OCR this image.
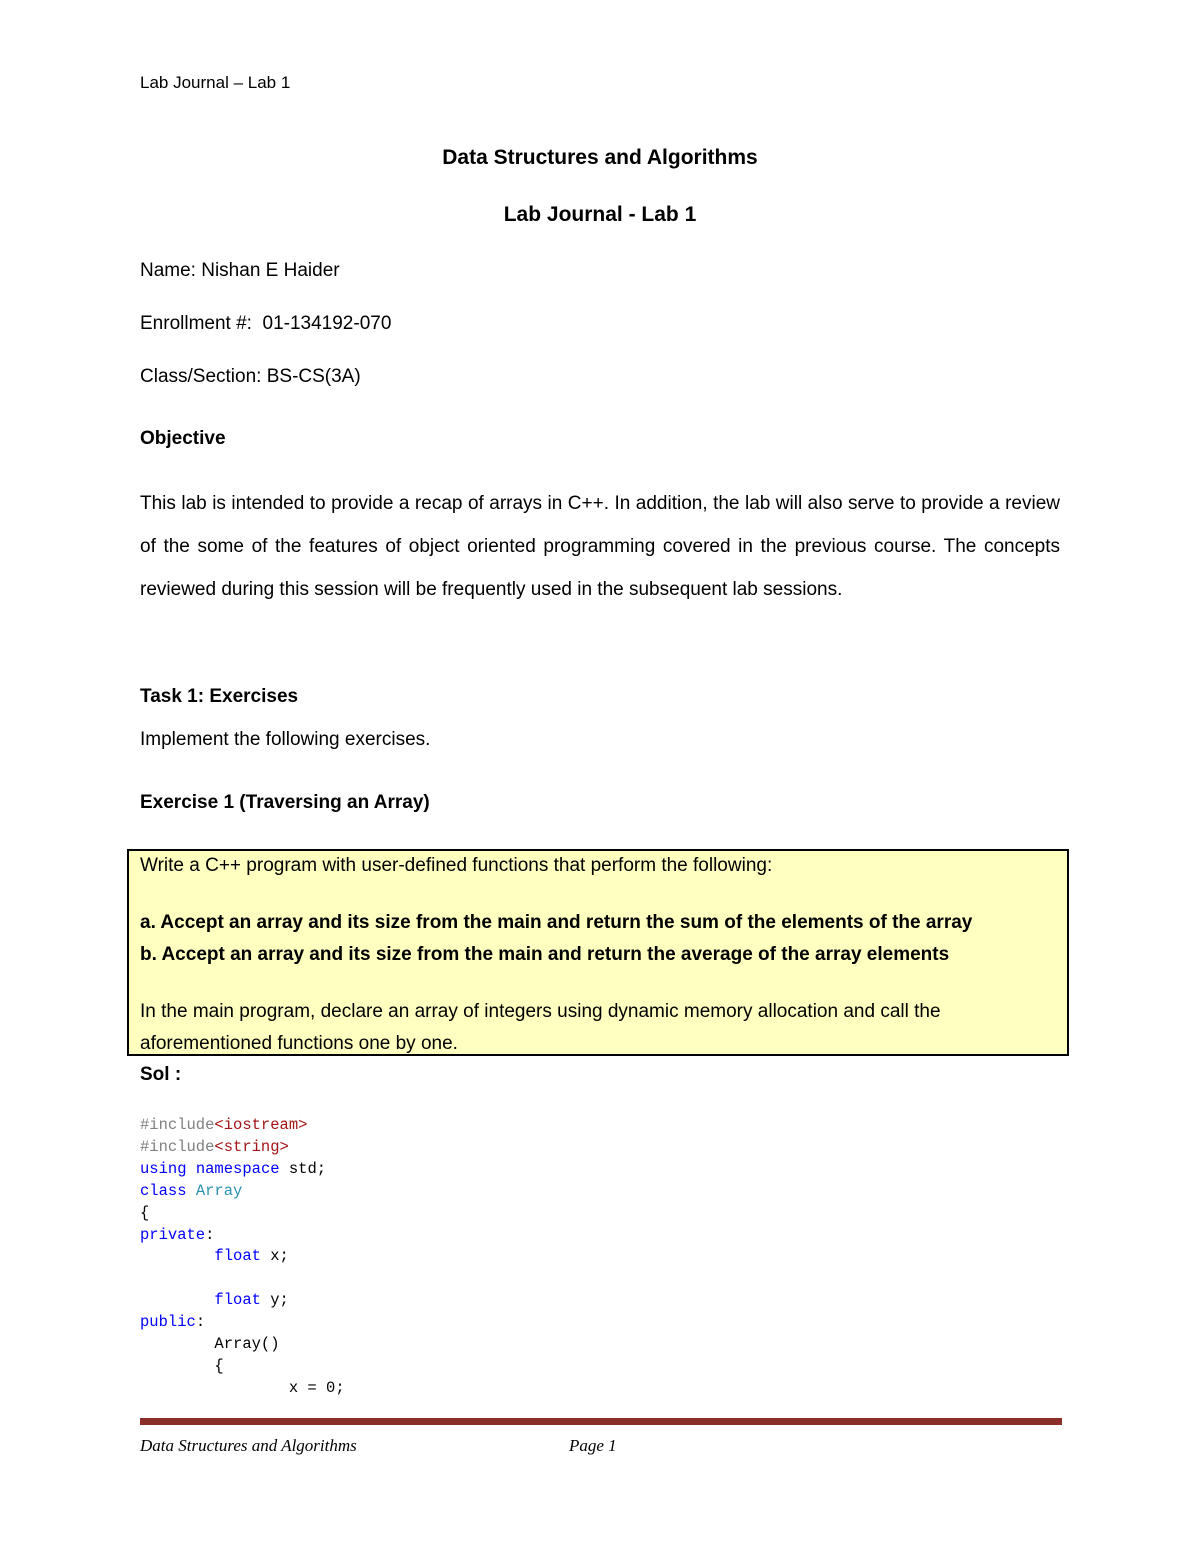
Lab Journal – Lab 1
Data Structures and Algorithms
Lab Journal - Lab 1
Name: Nishan E Haider
Enrollment #: 01-134192-070
Class/Section: BS-CS(3A)
Objective
This lab is intended to provide a recap of arrays in C++. In addition, the lab will also serve to provide a review of the some of the features of object oriented programming covered in the previous course. The concepts reviewed during this session will be frequently used in the subsequent lab sessions.
Task 1: Exercises
Implement the following exercises.
Exercise 1 (Traversing an Array)
Write a C++ program with user-defined functions that perform the following:
a. Accept an array and its size from the main and return the sum of the elements of the array
b. Accept an array and its size from the main and return the average of the array elements
In the main program, declare an array of integers using dynamic memory allocation and call the
aforementioned functions one by one.
Sol :
#include<iostream>
#include<string>
using namespace std;
class Array
{
private:
float x;

float y;
public:
Array()
{
x = 0;
Data Structures and Algorithms	Page 1
